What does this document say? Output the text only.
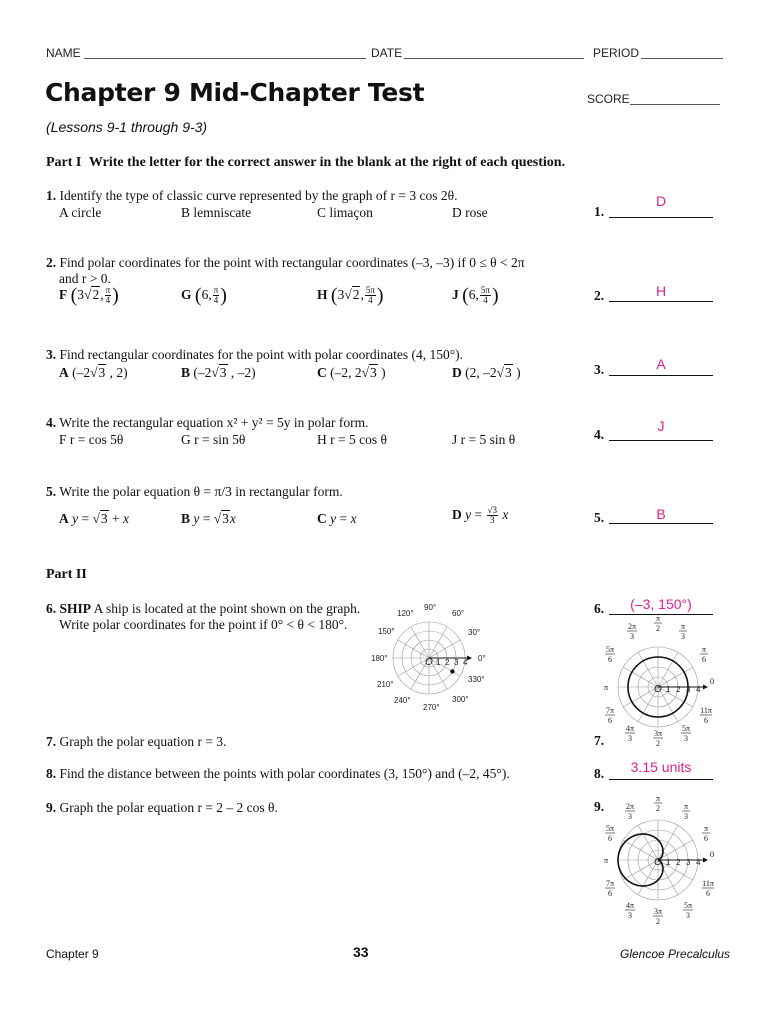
NAME	DATE	PERIOD
Chapter 9 Mid-Chapter Test	SCORE
(Lessons 9-1 through 9-3)
Part I Write the letter for the correct answer in the blank at the right of each question.
1. Identify the type of classic curve represented by the graph of r = 3 cos 2θ.
A circle	B lemniscate	C limaçon	D rose	1.
D
2. Find polar coordinates for the point with rectangular coordinates (–3, –3) if 0 ≤ θ < 2π
and r > 0.
F (3√2, $\frac{\pi}{4}$ )	G (6, $\frac{\pi}{4}$ )	H (3√2, $\frac{5\pi}{4}$ )	J (6, $\frac{5\pi}{4}$ )	2.	H
3. Find rectangular coordinates for the point with polar coordinates (4, 150°).
A (–2√3 , 2)	B (–2√3 , –2)	C (–2, 2√3 )	D (2, –2√3 )	3.	A
4. Write the rectangular equation x² + y² = 5y in polar form.
F r = cos 5θ	G r = sin 5θ	H r = 5 cos θ	J r = 5 sin θ	4.
J
5. Write the polar equation θ = π/3 in rectangular form.
A y = √3 + x	B y = √3x	C y = x	D $y = \frac{√3}{3}$ x	5.	B
Part II
6. SHIP A ship is located at the point shown on the graph.
Write polar coordinates for the point if 0° < θ < 180°.
6.	(–3, 150°)
90°
60°
30°
0°
330°
300°
270°
240°
210°
180°
150°
120°
O 1 2 3 4
0
π	O 1 2 3 4
π
2	π
3
π
6
11π
6
5π
3
3π
2
4π
3
7π
6
5π
6
2π
3
7. Graph the polar equation r = 3.	7.
8. Find the distance between the points with polar coordinates (3, 150°) and (–2, 45°).	8.	3.15 units
9. Graph the polar equation r = 2 – 2 cos θ.	9.
0
π	O 1 2 3 4
π
2	π
3
π
6
11π
6
5π
3
3π
2
4π
3
7π
6
5π
6
2π
3
Chapter 9	33	Glencoe Precalculus
